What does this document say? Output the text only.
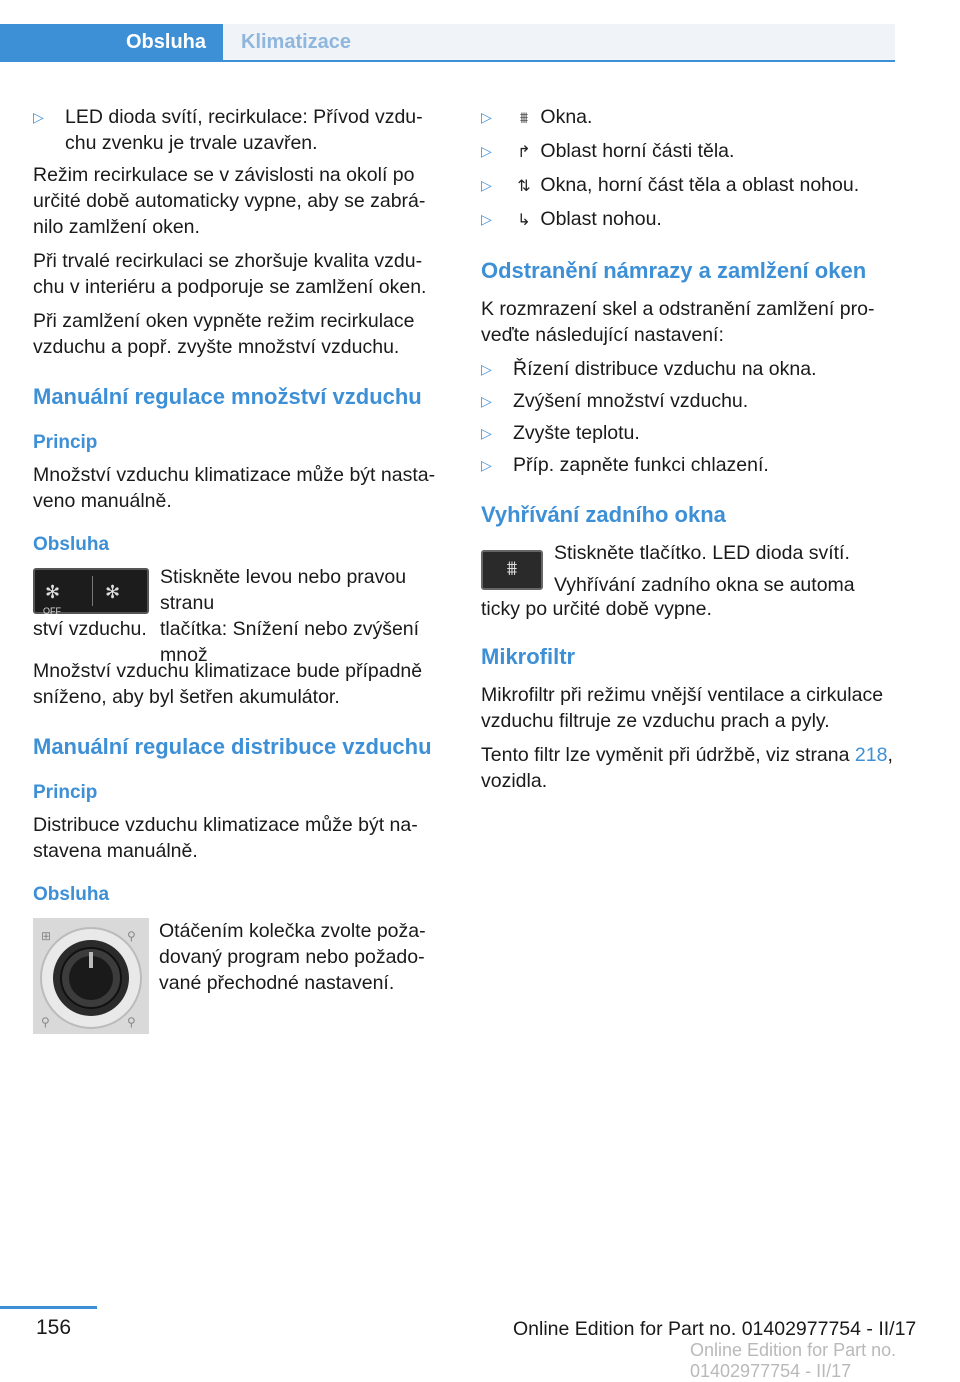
Obsluha	Klimatizace
▷ LED dioda svítí, recirkulace: Přívod vzduchu zvenku je trvale uzavřen.

Režim recirkulace se v závislosti na okolí po určité době automaticky vypne, aby se zabránilo zamlžení oken.

Při trvalé recirkulaci se zhoršuje kvalita vzduchu v interiéru a podporuje se zamlžení oken.

Při zamlžení oken vypněte režim recirkulace vzduchu a popř. zvyšte množství vzduchu.

Manuální regulace množství vzduchu
Princip

Množství vzduchu klimatizace může být nastaveno manuálně.

Obsluha
✻
OFF
✻
Stiskněte levou nebo pravou stranu
tlačítka: Snížení nebo zvýšení množ
ství vzduchu.

Množství vzduchu klimatizace bude případně sníženo, aby byl šetřen akumulátor.

Manuální regulace distribuce vzduchu
Princip

Distribuce vzduchu klimatizace může být nastavena manuálně.

Obsluha
⊞	⚲
⚲	⚲
Otáčením kolečka zvolte požadovaný program nebo požadované přechodné nastavení.
▷ ⩩ Okna.
▷ ↱ Oblast horní části těla.
▷ ⇅ Okna, horní část těla a oblast nohou.
▷ ↳ Oblast nohou.
Odstranění námrazy a zamlžení oken

K rozmrazení skel a odstranění zamlžení proveďte následující nastavení:

▷ Řízení distribuce vzduchu na okna.
▷ Zvýšení množství vzduchu.
▷ Zvyšte teplotu.
▷ Příp. zapněte funkci chlazení.
Vyhřívání zadního okna
⩩
Stiskněte tlačítko. LED dioda svítí.
Vyhřívání zadního okna se automa
ticky po určité době vypne.
Mikrofiltr

Mikrofiltr při režimu vnější ventilace a cirkulace vzduchu filtruje ze vzduchu prach a pyly.

Tento filtr lze vyměnit při údržbě, viz strana 218, vozidla.

156	Online Edition for Part no. 01402977754 - II/17
Online Edition for Part no. 01402977754 - II/17
